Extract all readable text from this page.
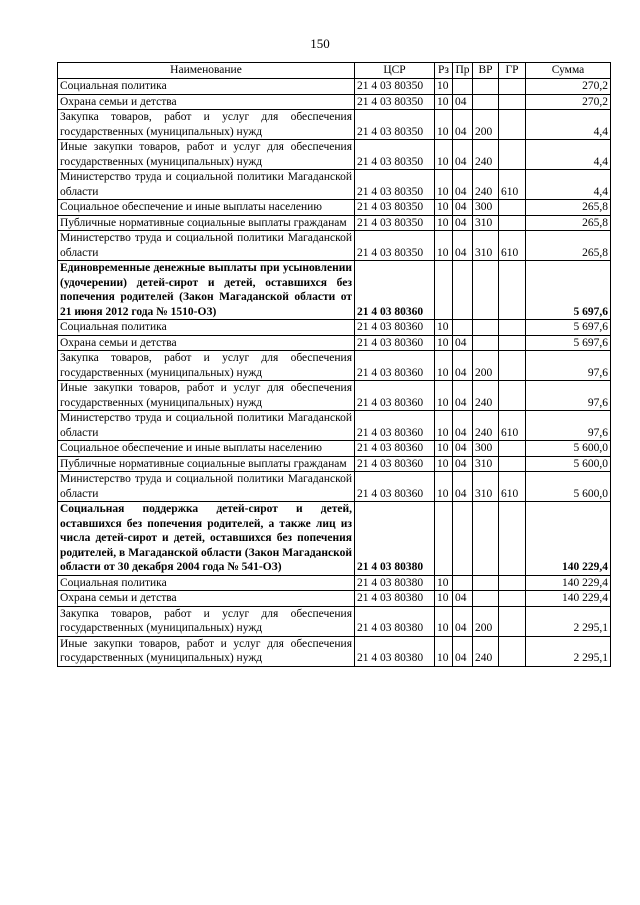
150
Наименование	ЦСР	Рз	Пр	ВР	ГР	Сумма
Социальная политика	21 4 03 80350	10				270,2
Охрана семьи и детства	21 4 03 80350	10	04			270,2
Закупка товаров, работ и услуг для обеспечения государственных (муниципальных) нужд	21 4 03 80350	10	04	200		4,4
Иные закупки товаров, работ и услуг для обеспечения государственных (муниципальных) нужд	21 4 03 80350	10	04	240		4,4
Министерство труда и социальной политики Магаданской области	21 4 03 80350	10	04	240	610	4,4
Социальное обеспечение и иные выплаты населению	21 4 03 80350	10	04	300		265,8
Публичные нормативные социальные выплаты гражданам	21 4 03 80350	10	04	310		265,8
Министерство труда и социальной политики Магаданской области	21 4 03 80350	10	04	310	610	265,8
Единовременные денежные выплаты при усыновлении (удочерении) детей-сирот и детей, оставшихся без попечения родителей (Закон Магаданской области от 21 июня 2012 года № 1510-ОЗ)	21 4 03 80360					5 697,6
Социальная политика	21 4 03 80360	10				5 697,6
Охрана семьи и детства	21 4 03 80360	10	04			5 697,6
Закупка товаров, работ и услуг для обеспечения государственных (муниципальных) нужд	21 4 03 80360	10	04	200		97,6
Иные закупки товаров, работ и услуг для обеспечения государственных (муниципальных) нужд	21 4 03 80360	10	04	240		97,6
Министерство труда и социальной политики Магаданской области	21 4 03 80360	10	04	240	610	97,6
Социальное обеспечение и иные выплаты населению	21 4 03 80360	10	04	300		5 600,0
Публичные нормативные социальные выплаты гражданам	21 4 03 80360	10	04	310		5 600,0
Министерство труда и социальной политики Магаданской области	21 4 03 80360	10	04	310	610	5 600,0
Социальная поддержка детей-сирот и детей, оставшихся без попечения родителей, а также лиц из числа детей-сирот и детей, оставшихся без попечения родителей, в Магаданской области (Закон Магаданской области от 30 декабря 2004 года № 541-ОЗ)	21 4 03 80380					140 229,4
Социальная политика	21 4 03 80380	10				140 229,4
Охрана семьи и детства	21 4 03 80380	10	04			140 229,4
Закупка товаров, работ и услуг для обеспечения государственных (муниципальных) нужд	21 4 03 80380	10	04	200		2 295,1
Иные закупки товаров, работ и услуг для обеспечения государственных (муниципальных) нужд	21 4 03 80380	10	04	240		2 295,1
